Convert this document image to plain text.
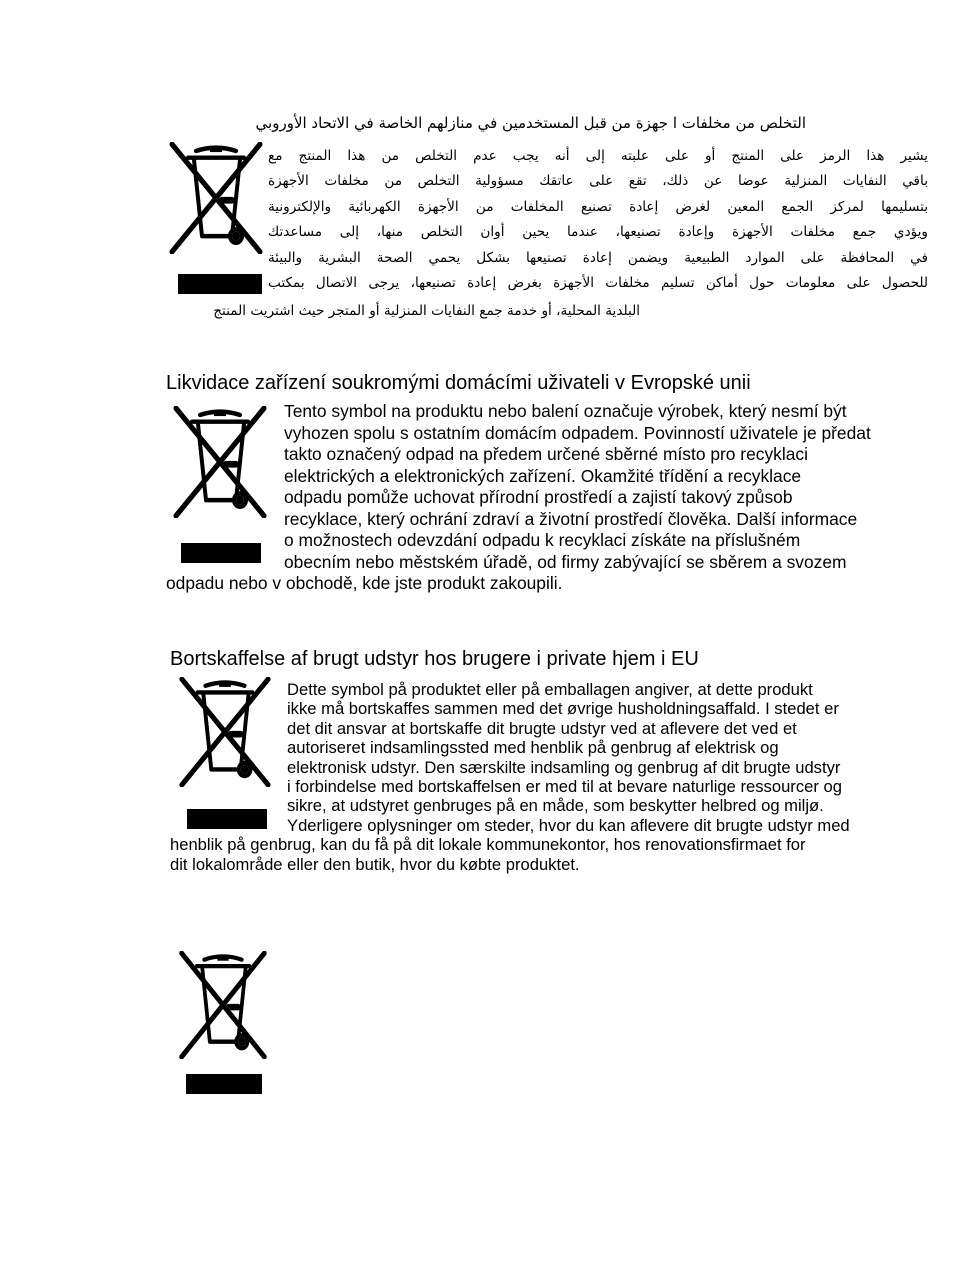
التخلص من مخلفات ا جهزة من قبل المستخدمين في منازلهم الخاصة في الاتحاد الأوروبي
يشير هذا الرمز على المنتج أو على علبته إلى أنه يجب عدم التخلص من هذا المنتج مع
باقي النفايات المنزلية عوضا عن ذلك، تقع على عاتقك مسؤولية التخلص من مخلفات الأجهزة
بتسليمها لمركز الجمع المعين لغرض إعادة تصنيع المخلفات من الأجهزة الكهربائية والإلكترونية
ويؤدي جمع مخلفات الأجهزة وإعادة تصنيعها، عندما يحين أوان التخلص منها، إلى مساعدتك
في المحافظة على الموارد الطبيعية ويضمن إعادة تصنيعها بشكل يحمي الصحة البشرية والبيئة
للحصول على معلومات حول أماكن تسليم مخلفات الأجهزة بغرض إعادة تصنيعها، يرجى الاتصال بمكتب
البلدية المحلية، أو خدمة جمع النفايات المنزلية أو المتجر حيث اشتريت المنتج
Likvidace zařízení soukromými domácími uživateli v Evropské unii
Tento symbol na produktu nebo balení označuje výrobek, který nesmí být
vyhozen spolu s ostatním domácím odpadem. Povinností uživatele je předat
takto označený odpad na předem určené sběrné místo pro recyklaci
elektrických a elektronických zařízení. Okamžité třídění a recyklace
odpadu pomůže uchovat přírodní prostředí a zajistí takový způsob
recyklace, který ochrání zdraví a životní prostředí člověka. Další informace
o možnostech odevzdání odpadu k recyklaci získáte na příslušném
obecním nebo městském úřadě, od firmy zabývající se sběrem a svozem
odpadu nebo v obchodě, kde jste produkt zakoupili.
Bortskaffelse af brugt udstyr hos brugere i private hjem i EU
Dette symbol på produktet eller på emballagen angiver, at dette produkt
ikke må bortskaffes sammen med det øvrige husholdningsaffald. I stedet er
det dit ansvar at bortskaffe dit brugte udstyr ved at aflevere det ved et
autoriseret indsamlingssted med henblik på genbrug af elektrisk og
elektronisk udstyr. Den særskilte indsamling og genbrug af dit brugte udstyr
i forbindelse med bortskaffelsen er med til at bevare naturlige ressourcer og
sikre, at udstyret genbruges på en måde, som beskytter helbred og miljø.
Yderligere oplysninger om steder, hvor du kan aflevere dit brugte udstyr med
henblik på genbrug, kan du få på dit lokale kommunekontor, hos renovationsfirmaet for
dit lokalområde eller den butik, hvor du købte produktet.
